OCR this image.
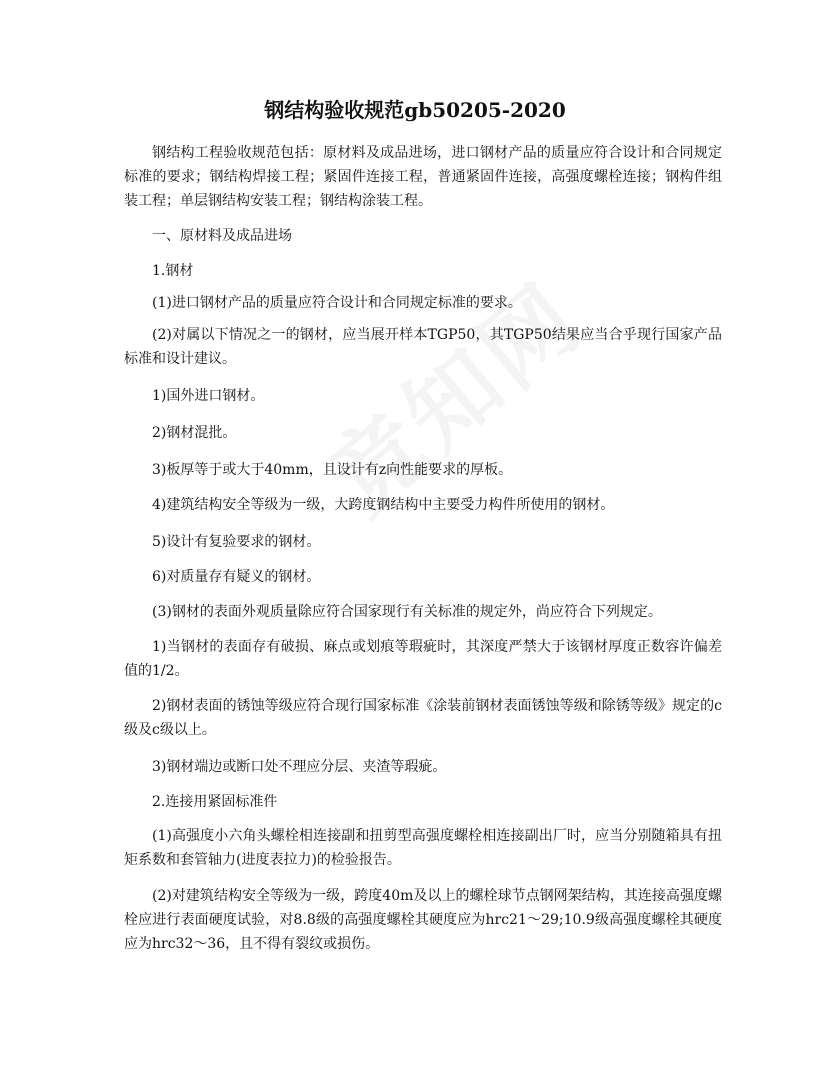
钢结构验收规范gb50205-2020
钢结构工程验收规范包括：原材料及成品进场，进口钢材产品的质量应符合设计和合同规定标准的要求；钢结构焊接工程；紧固件连接工程，普通紧固件连接，高强度螺栓连接；钢构件组装工程；单层钢结构安装工程；钢结构涂装工程。
一、原材料及成品进场
1.钢材
(1)进口钢材产品的质量应符合设计和合同规定标准的要求。
(2)对属以下情况之一的钢材，应当展开样本TGP50，其TGP50结果应当合乎现行国家产品标准和设计建议。
1)国外进口钢材。
2)钢材混批。
3)板厚等于或大于40mm，且设计有z向性能要求的厚板。
4)建筑结构安全等级为一级，大跨度钢结构中主要受力构件所使用的钢材。
5)设计有复验要求的钢材。
6)对质量存有疑义的钢材。
(3)钢材的表面外观质量除应符合国家现行有关标准的规定外，尚应符合下列规定。
1)当钢材的表面存有破损、麻点或划痕等瑕疵时，其深度严禁大于该钢材厚度正数容许偏差值的1/2。
2)钢材表面的锈蚀等级应符合现行国家标准《涂装前钢材表面锈蚀等级和除锈等级》规定的c级及c级以上。
3)钢材端边或断口处不理应分层、夹渣等瑕疵。
2.连接用紧固标准件
(1)高强度小六角头螺栓相连接副和扭剪型高强度螺栓相连接副出厂时，应当分别随箱具有扭矩系数和套管轴力(进度表拉力)的检验报告。
(2)对建筑结构安全等级为一级，跨度40m及以上的螺栓球节点钢网架结构，其连接高强度螺栓应进行表面硬度试验，对8.8级的高强度螺栓其硬度应为hrc21～29;10.9级高强度螺栓其硬度应为hrc32～36，且不得有裂纹或损伤。
